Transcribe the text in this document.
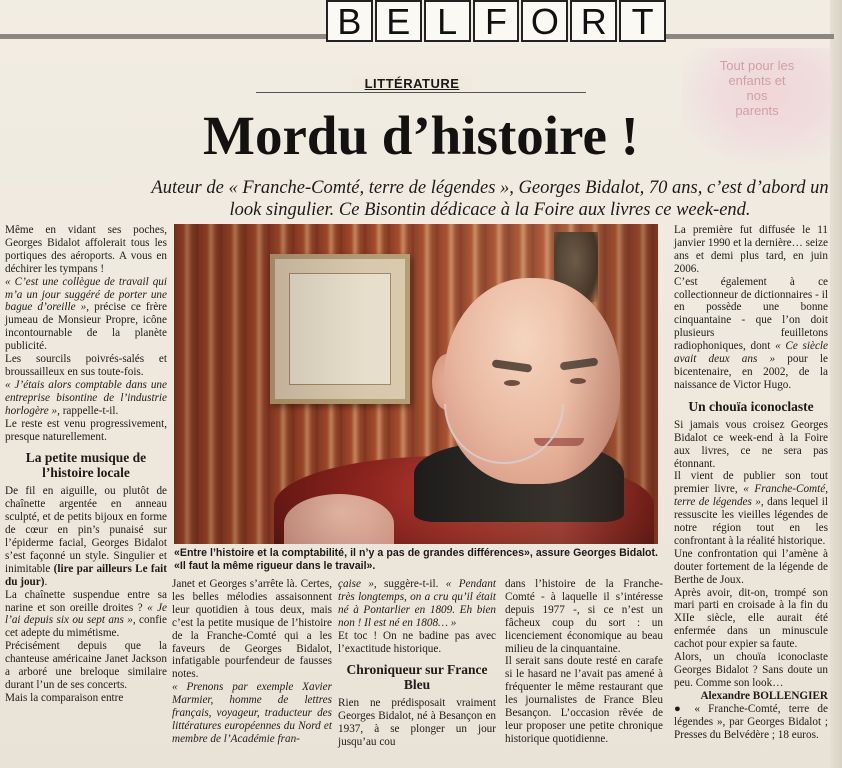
B E L F O R T
Tout pour les
enfants et
nos
parents
LITTÉRATURE
Mordu d’histoire !
Auteur de « Franche-Comté, terre de légendes », Georges Bidalot, 70 ans, c’est d’abord un look singulier. Ce Bisontin dédicace à la Foire aux livres ce week-end.

Même en vidant ses poches, Georges Bidalot affolerait tous les portiques des aéroports. A vous en déchirer les tympans !

« C’est une collègue de travail qui m’a un jour suggéré de porter une bague d’oreille », précise ce frère jumeau de Monsieur Propre, icône incontournable de la planète publicité.

Les sourcils poivrés-salés et broussailleux en sus toute-fois.

« J’étais alors comptable dans une entreprise bisontine de l’industrie horlogère », rappelle-t-il.

Le reste est venu progressivement, presque naturellement.

La petite musique de l’histoire locale

De fil en aiguille, ou plutôt de chaînette argentée en anneau sculpté, et de petits bijoux en forme de cœur en pin’s punaisé sur l’épiderme facial, Georges Bidalot s’est façonné un style. Singulier et inimitable (lire par ailleurs Le fait du jour).

La chaînette suspendue entre sa narine et son oreille droites ? « Je l’ai depuis six ou sept ans », confie cet adepte du mimétisme.

Précisément depuis que la chanteuse américaine Janet Jackson a arboré une breloque similaire durant l’un de ses concerts.

Mais la comparaison entre

«Entre l’histoire et la comptabilité, il n’y a pas de grandes différences», assure Georges Bidalot. «Il faut la même rigueur dans le travail».

Janet et Georges s’arrête là. Certes, les belles mélodies assaisonnent leur quotidien à tous deux, mais c’est la petite musique de l’histoire de la Franche-Comté qui a les faveurs de Georges Bidalot, infatigable pourfendeur de fausses notes.

« Prenons par exemple Xavier Marmier, homme de lettres français, voyageur, traducteur des littératures européennes du Nord et membre de l’Académie fran-

çaise », suggère-t-il. « Pendant très longtemps, on a cru qu’il était né à Pontarlier en 1809. Eh bien non ! Il est né en 1808… »

Et toc ! On ne badine pas avec l’exactitude historique.

Chroniqueur sur France Bleu

Rien ne prédisposait vraiment Georges Bidalot, né à Besançon en 1937, à se plonger un jour jusqu’au cou

dans l’histoire de la Franche-Comté - à laquelle il s’intéresse depuis 1977 -, si ce n’est un fâcheux coup du sort : un licenciement économique au beau milieu de la cinquantaine.

Il serait sans doute resté en carafe si le hasard ne l’avait pas amené à fréquenter le même restaurant que les journalistes de France Bleu Besançon. L’occasion rêvée de leur proposer une petite chronique historique quotidienne.

La première fut diffusée le 11 janvier 1990 et la dernière… seize ans et demi plus tard, en juin 2006.

C’est également à ce collectionneur de dictionnaires - il en possède une bonne cinquantaine - que l’on doit plusieurs feuilletons radiophoniques, dont « Ce siècle avait deux ans » pour le bicentenaire, en 2002, de la naissance de Victor Hugo.

Un chouïa iconoclaste

Si jamais vous croisez Georges Bidalot ce week-end à la Foire aux livres, ce ne sera pas étonnant.

Il vient de publier son tout premier livre, « Franche-Comté, terre de légendes », dans lequel il ressuscite les vieilles légendes de notre région tout en les confrontant à la réalité historique.

Une confrontation qui l’amène à douter fortement de la légende de Berthe de Joux.

Après avoir, dit-on, trompé son mari parti en croisade à la fin du XIIe siècle, elle aurait été enfermée dans un minuscule cachot pour expier sa faute.

Alors, un chouïa iconoclaste Georges Bidalot ? Sans doute un peu. Comme son look…

Alexandre BOLLENGIER

● « Franche-Comté, terre de légendes », par Georges Bidalot ; Presses du Belvédère ; 18 euros.
